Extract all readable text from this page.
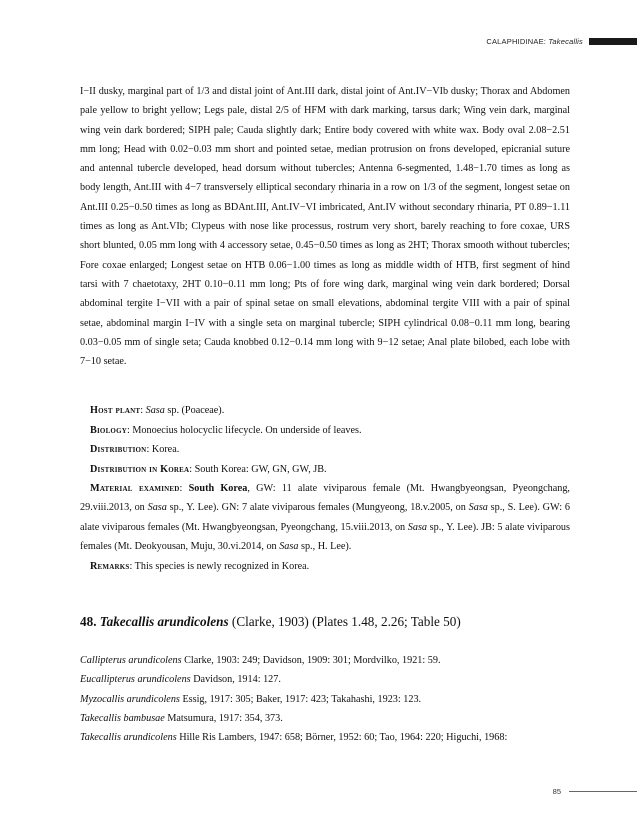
CALAPHIDINAE: Takecallis

I−II dusky, marginal part of 1/3 and distal joint of Ant.III dark, distal joint of Ant.IV−VIb dusky; Thorax and Abdomen pale yellow to bright yellow; Legs pale, distal 2/5 of HFM with dark marking, tarsus dark; Wing vein dark, marginal wing vein dark bordered; SIPH pale; Cauda slightly dark; Entire body covered with white wax. Body oval 2.08−2.51 mm long; Head with 0.02−0.03 mm short and pointed setae, median protrusion on frons developed, epicranial suture and antennal tubercle developed, head dorsum without tubercles; Antenna 6-segmented, 1.48−1.70 times as long as body length, Ant.III with 4−7 transversely elliptical secondary rhinaria in a row on 1/3 of the segment, longest setae on Ant.III 0.25−0.50 times as long as BDAnt.III, Ant.IV−VI imbricated, Ant.IV without secondary rhinaria, PT 0.89−1.11 times as long as Ant.VIb; Clypeus with nose like processus, rostrum very short, barely reaching to fore coxae, URS short blunted, 0.05 mm long with 4 accessory setae, 0.45−0.50 times as long as 2HT; Thorax smooth without tubercles; Fore coxae enlarged; Longest setae on HTB 0.06−1.00 times as long as middle width of HTB, first segment of hind tarsi with 7 chaetotaxy, 2HT 0.10−0.11 mm long; Pts of fore wing dark, marginal wing vein dark bordered; Dorsal abdominal tergite I−VII with a pair of spinal setae on small elevations, abdominal tergite VIII with a pair of spinal setae, abdominal margin I−IV with a single seta on marginal tubercle; SIPH cylindrical 0.08−0.11 mm long, bearing 0.03−0.05 mm of single seta; Cauda knobbed 0.12−0.14 mm long with 9−12 setae; Anal plate bilobed, each lobe with 7−10 setae.

Host plant: Sasa sp. (Poaceae).

Biology: Monoecius holocyclic lifecycle. On underside of leaves.

Distribution: Korea.

Distribution in Korea: South Korea: GW, GN, GW, JB.

Material examined: South Korea, GW: 11 alate viviparous female (Mt. Hwangbyeongsan, Pyeongchang, 29.viii.2013, on Sasa sp., Y. Lee). GN: 7 alate viviparous females (Mungyeong, 18.v.2005, on Sasa sp., S. Lee). GW: 6 alate viviparous females (Mt. Hwangbyeongsan, Pyeongchang, 15.viii.2013, on Sasa sp., Y. Lee). JB: 5 alate viviparous females (Mt. Deokyousan, Muju, 30.vi.2014, on Sasa sp., H. Lee).

Remarks: This species is newly recognized in Korea.

48. Takecallis arundicolens (Clarke, 1903) (Plates 1.48, 2.26; Table 50)

Callipterus arundicolens Clarke, 1903: 249; Davidson, 1909: 301; Mordvilko, 1921: 59.

Eucallipterus arundicolens Davidson, 1914: 127.

Myzocallis arundicolens Essig, 1917: 305; Baker, 1917: 423; Takahashi, 1923: 123.

Takecallis bambusae Matsumura, 1917: 354, 373.

Takecallis arundicolens Hille Ris Lambers, 1947: 658; Börner, 1952: 60; Tao, 1964: 220; Higuchi, 1968:

85
